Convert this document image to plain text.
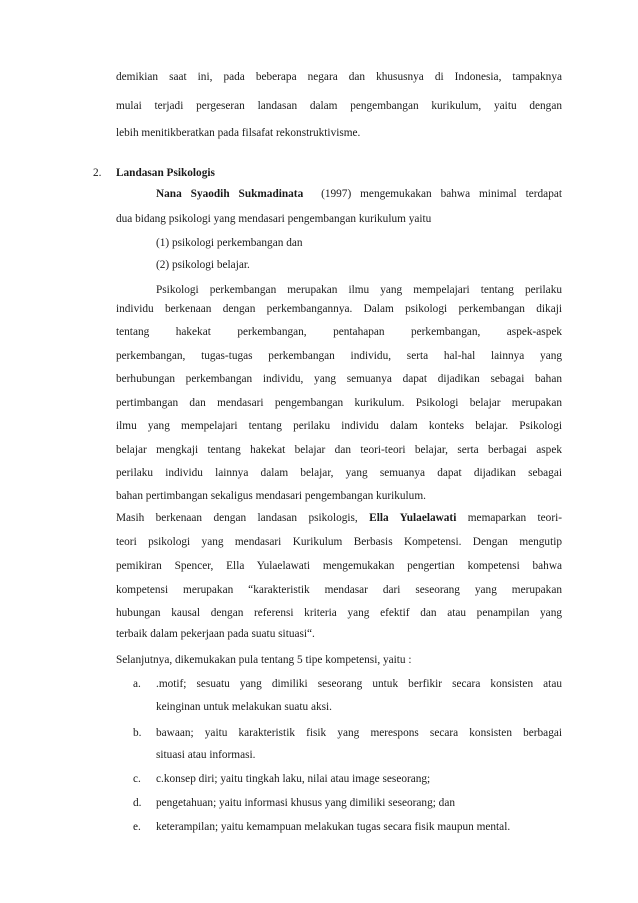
demikian saat ini, pada beberapa negara dan khususnya di Indonesia, tampaknya
mulai terjadi pergeseran landasan dalam pengembangan kurikulum, yaitu dengan
lebih menitikberatkan pada filsafat rekonstruktivisme.
2.	Landasan Psikologis
Nana Syaodih Sukmadinata (1997) mengemukakan bahwa minimal terdapat
dua bidang psikologi yang mendasari pengembangan kurikulum yaitu
(1) psikologi perkembangan dan
(2) psikologi belajar.
Psikologi perkembangan merupakan ilmu yang mempelajari tentang perilaku
individu berkenaan dengan perkembangannya. Dalam psikologi perkembangan dikaji
tentang hakekat perkembangan, pentahapan perkembangan, aspek-aspek
perkembangan, tugas-tugas perkembangan individu, serta hal-hal lainnya yang
berhubungan perkembangan individu, yang semuanya dapat dijadikan sebagai bahan
pertimbangan dan mendasari pengembangan kurikulum. Psikologi belajar merupakan
ilmu yang mempelajari tentang perilaku individu dalam konteks belajar. Psikologi
belajar mengkaji tentang hakekat belajar dan teori-teori belajar, serta berbagai aspek
perilaku individu lainnya dalam belajar, yang semuanya dapat dijadikan sebagai
bahan pertimbangan sekaligus mendasari pengembangan kurikulum.
Masih berkenaan dengan landasan psikologis, Ella Yulaelawati memaparkan teori-
teori psikologi yang mendasari Kurikulum Berbasis Kompetensi. Dengan mengutip
pemikiran Spencer, Ella Yulaelawati mengemukakan pengertian kompetensi bahwa
kompetensi merupakan “karakteristik mendasar dari seseorang yang merupakan
hubungan kausal dengan referensi kriteria yang efektif dan atau penampilan yang
terbaik dalam pekerjaan pada suatu situasi“.
Selanjutnya, dikemukakan pula tentang 5 tipe kompetensi, yaitu :
a. .motif; sesuatu yang dimiliki seseorang untuk berfikir secara konsisten atau
keinginan untuk melakukan suatu aksi.
b. bawaan; yaitu karakteristik fisik yang merespons secara konsisten berbagai
situasi atau informasi.
c. c.konsep diri; yaitu tingkah laku, nilai atau image seseorang;
d. pengetahuan; yaitu informasi khusus yang dimiliki seseorang; dan
e. keterampilan; yaitu kemampuan melakukan tugas secara fisik maupun mental.
